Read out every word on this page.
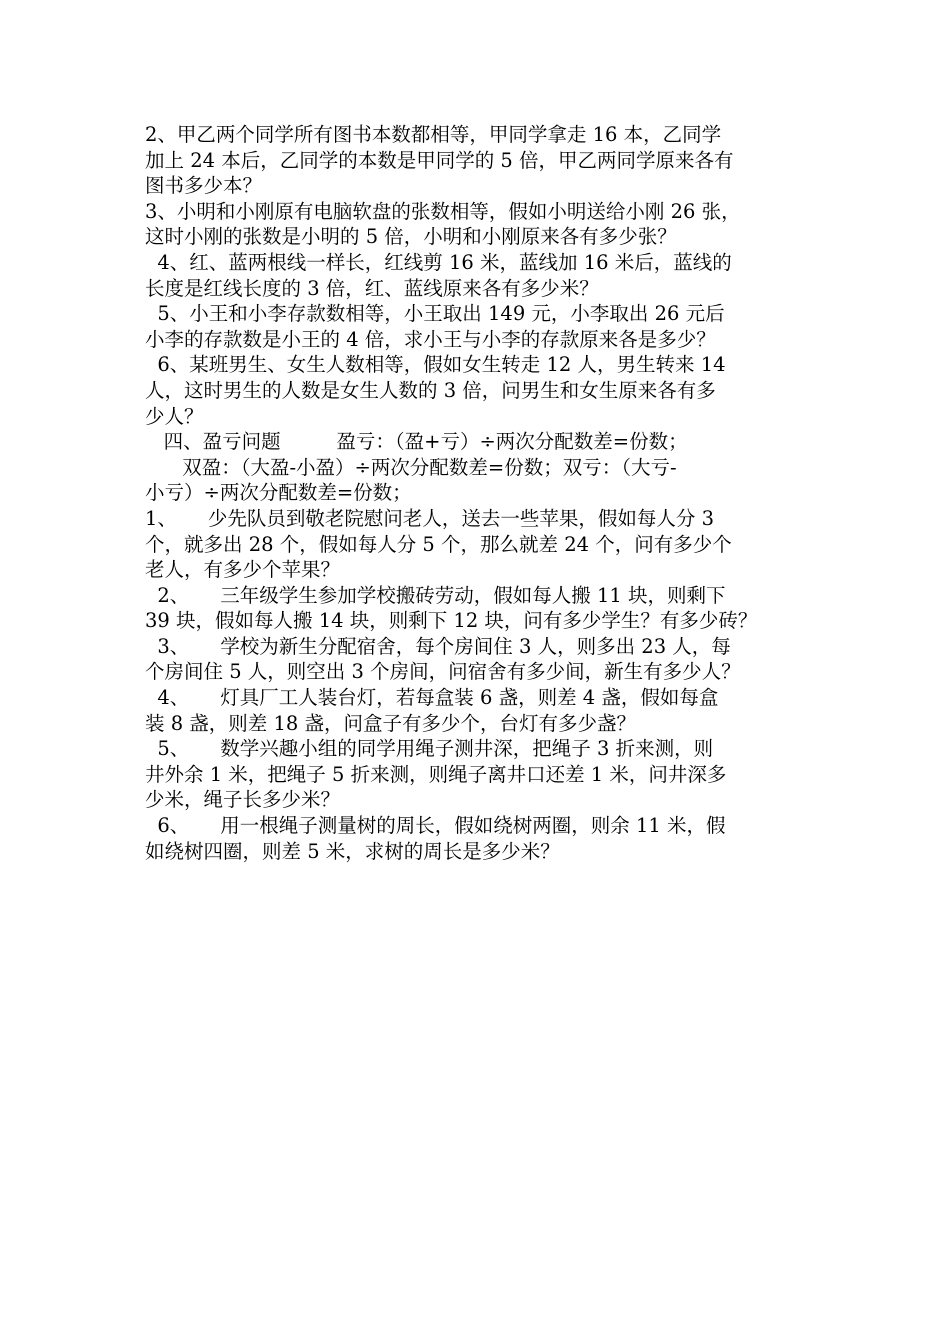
2、甲乙两个同学所有图书本数都相等，甲同学拿走 16 本，乙同学
加上 24 本后，乙同学的本数是甲同学的 5 倍，甲乙两同学原来各有
图书多少本？
3、小明和小刚原有电脑软盘的张数相等，假如小明送给小刚 26 张，
这时小刚的张数是小明的 5 倍，小明和小刚原来各有多少张？
4、红、蓝两根线一样长，红线剪 16 米，蓝线加 16 米后，蓝线的
长度是红线长度的 3 倍，红、蓝线原来各有多少米？
5、小王和小李存款数相等，小王取出 149 元，小李取出 26 元后
小李的存款数是小王的 4 倍，求小王与小李的存款原来各是多少？
6、某班男生、女生人数相等，假如女生转走 12 人，男生转来 14
人，这时男生的人数是女生人数的 3 倍，问男生和女生原来各有多
少人？
四、盈亏问题         盈亏：（盈+亏）÷两次分配数差=份数；
双盈：（大盈-小盈）÷两次分配数差=份数；双亏：（大亏-
小亏）÷两次分配数差=份数；
1、     少先队员到敬老院慰问老人，送去一些苹果，假如每人分 3
个，就多出 28 个，假如每人分 5 个，那么就差 24 个，问有多少个
老人，有多少个苹果？
2、     三年级学生参加学校搬砖劳动，假如每人搬 11 块，则剩下
39 块，假如每人搬 14 块，则剩下 12 块，问有多少学生？有多少砖？
3、     学校为新生分配宿舍，每个房间住 3 人，则多出 23 人，每
个房间住 5 人，则空出 3 个房间，问宿舍有多少间，新生有多少人？
4、     灯具厂工人装台灯，若每盒装 6 盏，则差 4 盏，假如每盒
装 8 盏，则差 18 盏，问盒子有多少个，台灯有多少盏？
5、     数学兴趣小组的同学用绳子测井深，把绳子 3 折来测，则
井外余 1 米，把绳子 5 折来测，则绳子离井口还差 1 米，问井深多
少米，绳子长多少米？
6、     用一根绳子测量树的周长，假如绕树两圈，则余 11 米，假
如绕树四圈，则差 5 米，求树的周长是多少米？
